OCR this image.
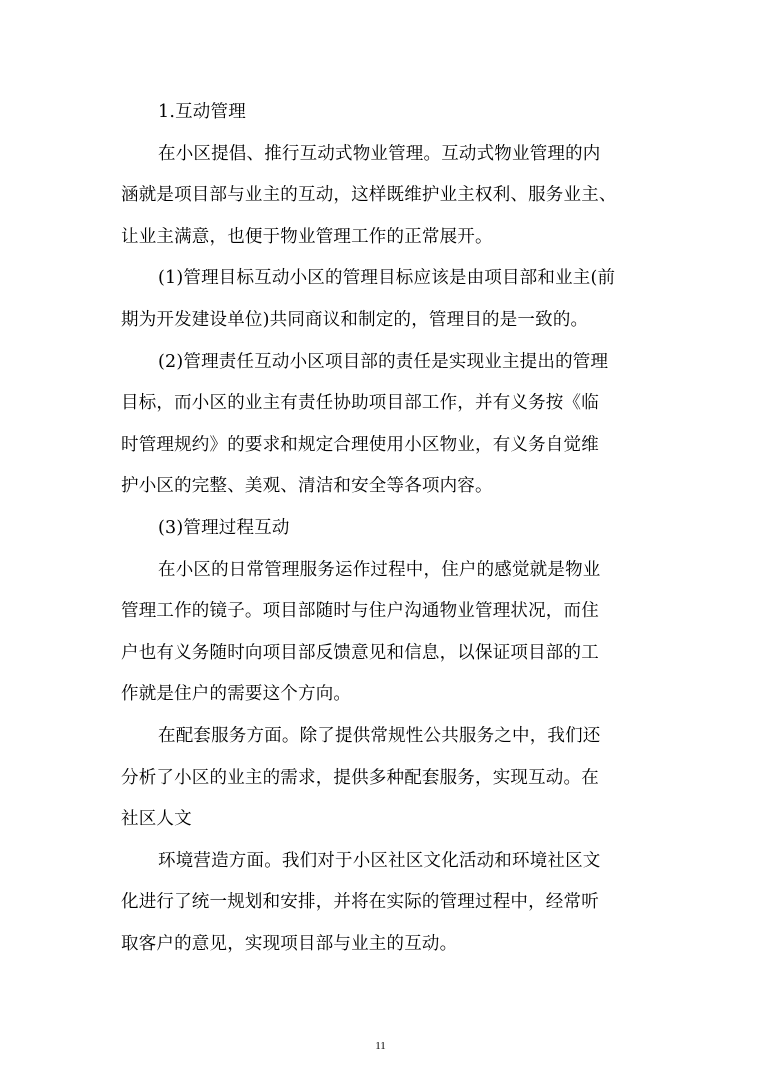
1.互动管理
在小区提倡、推行互动式物业管理。互动式物业管理的内
涵就是项目部与业主的互动，这样既维护业主权利、服务业主、
让业主满意，也便于物业管理工作的正常展开。
(1)管理目标互动小区的管理目标应该是由项目部和业主(前
期为开发建设单位)共同商议和制定的，管理目的是一致的。
(2)管理责任互动小区项目部的责任是实现业主提出的管理
目标，而小区的业主有责任协助项目部工作，并有义务按《临
时管理规约》的要求和规定合理使用小区物业，有义务自觉维
护小区的完整、美观、清洁和安全等各项内容。
(3)管理过程互动
在小区的日常管理服务运作过程中，住户的感觉就是物业
管理工作的镜子。项目部随时与住户沟通物业管理状况，而住
户也有义务随时向项目部反馈意见和信息，以保证项目部的工
作就是住户的需要这个方向。
在配套服务方面。除了提供常规性公共服务之中，我们还
分析了小区的业主的需求，提供多种配套服务，实现互动。在
社区人文
环境营造方面。我们对于小区社区文化活动和环境社区文
化进行了统一规划和安排，并将在实际的管理过程中，经常听
取客户的意见，实现项目部与业主的互动。
11
